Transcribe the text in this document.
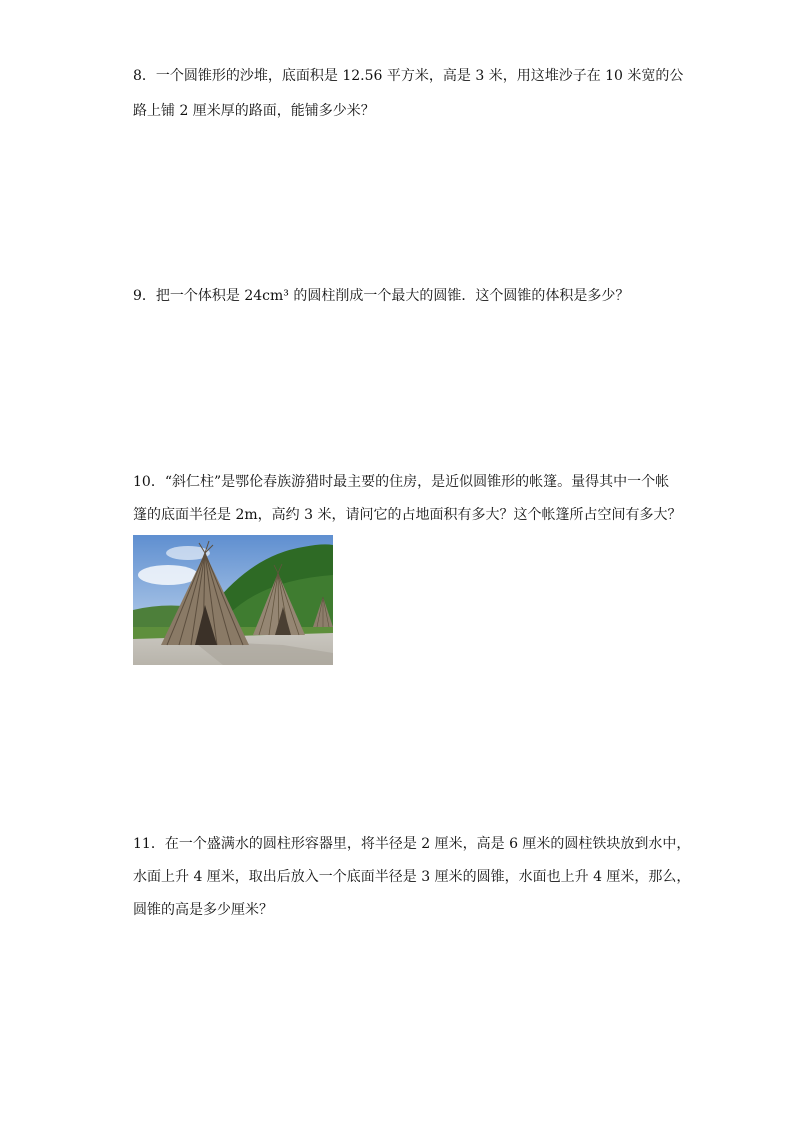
8．一个圆锥形的沙堆，底面积是 12.56 平方米，高是 3 米，用这堆沙子在 10 米宽的公
路上铺 2 厘米厚的路面，能铺多少米？
9．把一个体积是 24cm³ 的圆柱削成一个最大的圆锥．这个圆锥的体积是多少？
10．“斜仁柱”是鄂伦春族游猎时最主要的住房，是近似圆锥形的帐篷。量得其中一个帐
篷的底面半径是 2m，高约 3 米，请问它的占地面积有多大？这个帐篷所占空间有多大？
11．在一个盛满水的圆柱形容器里，将半径是 2 厘米，高是 6 厘米的圆柱铁块放到水中，
水面上升 4 厘米，取出后放入一个底面半径是 3 厘米的圆锥，水面也上升 4 厘米，那么，
圆锥的高是多少厘米？
